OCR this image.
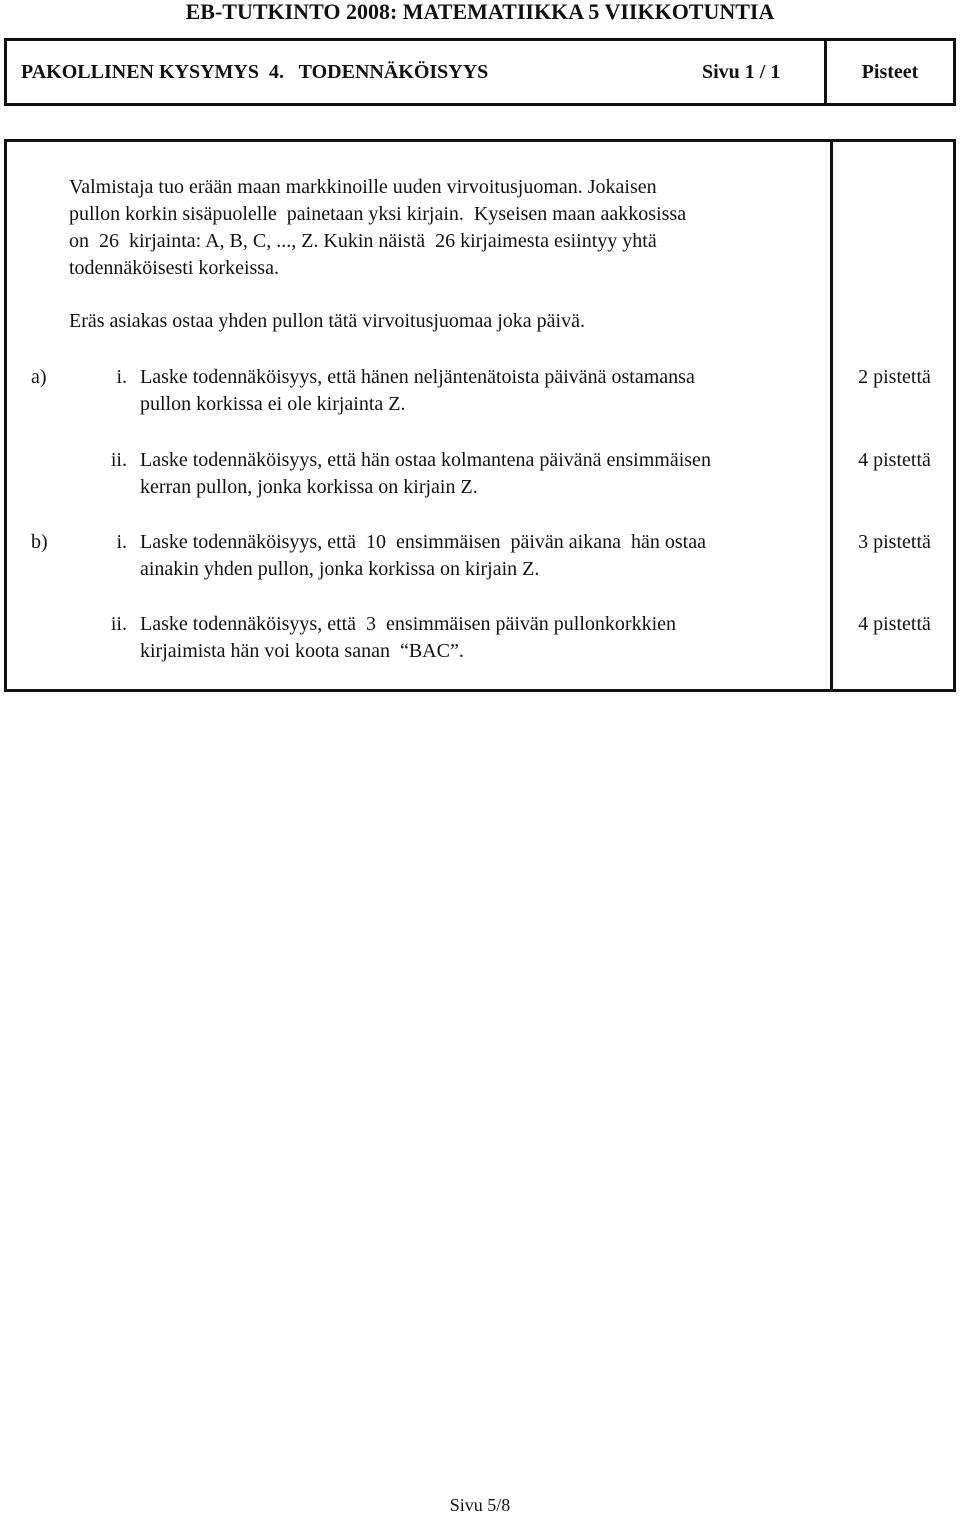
EB-TUTKINTO 2008: MATEMATIIKKA 5 VIIKKOTUNTIA
PAKOLLINEN KYSYMYS  4.   TODENNÄKÖISYYS	Sivu 1 / 1	Pisteet
Valmistaja tuo erään maan markkinoille uuden virvoitusjuoman. Jokaisen
pullon korkin sisäpuolelle  painetaan yksi kirjain.  Kyseisen maan aakkosissa
on  26  kirjainta: A, B, C, ..., Z. Kukin näistä  26 kirjaimesta esiintyy yhtä
todennäköisesti korkeissa.
Eräs asiakas ostaa yhden pullon tätä virvoitusjuomaa joka päivä.
a)	i. Laske todennäköisyys, että hänen neljäntenätoista päivänä ostamansa
pullon korkissa ei ole kirjainta Z.
2 pistettä
ii. Laske todennäköisyys, että hän ostaa kolmantena päivänä ensimmäisen
kerran pullon, jonka korkissa on kirjain Z.
4 pistettä
b)	i. Laske todennäköisyys, että  10  ensimmäisen  päivän aikana  hän ostaa
ainakin yhden pullon, jonka korkissa on kirjain Z.
3 pistettä
ii. Laske todennäköisyys, että  3  ensimmäisen päivän pullonkorkkien
kirjaimista hän voi koota sanan  “BAC”.
4 pistettä
Sivu 5/8
